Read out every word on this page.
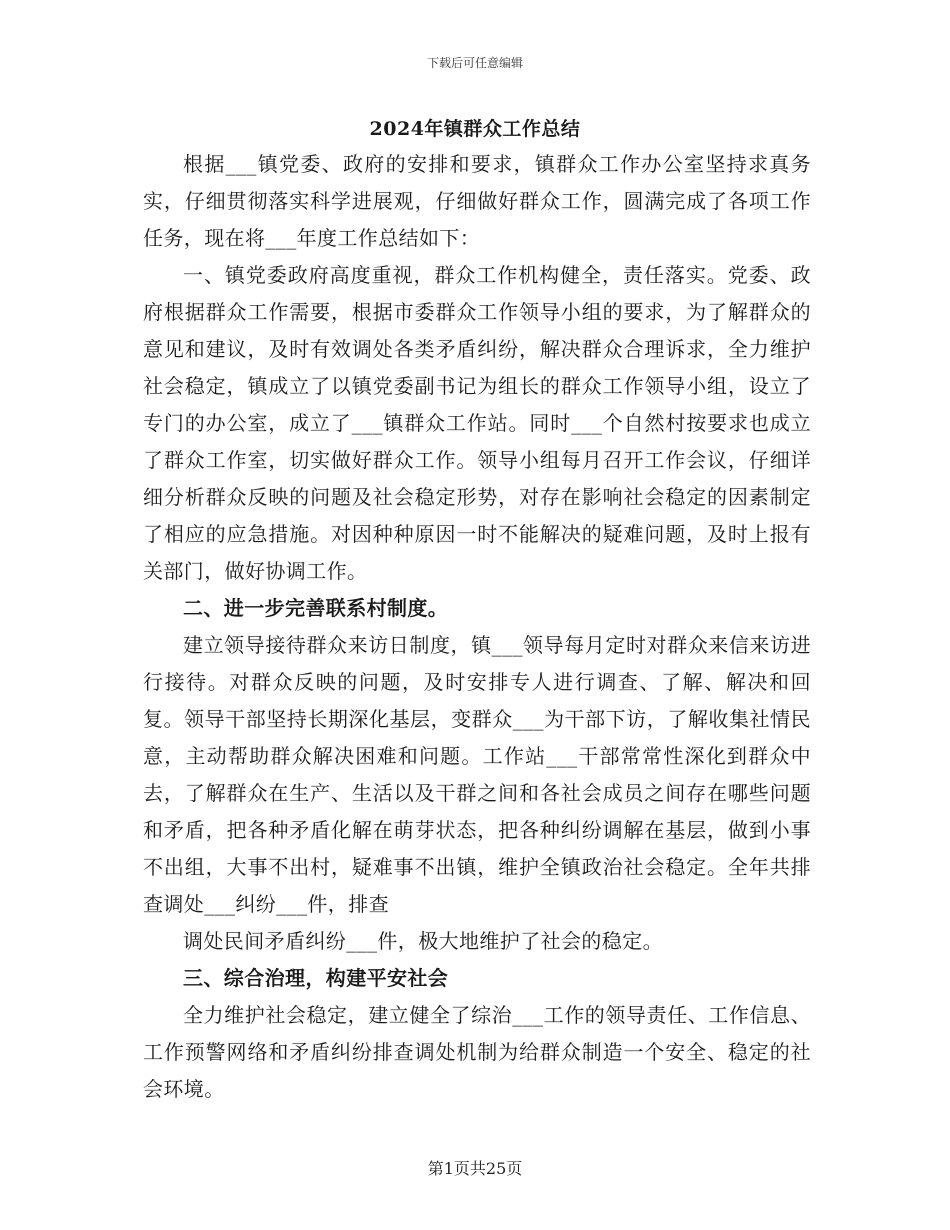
下载后可任意编辑
2024年镇群众工作总结

根据___镇党委、政府的安排和要求，镇群众工作办公室坚持求真务实，仔细贯彻落实科学进展观，仔细做好群众工作，圆满完成了各项工作任务，现在将___年度工作总结如下：

一、镇党委政府高度重视，群众工作机构健全，责任落实。党委、政府根据群众工作需要，根据市委群众工作领导小组的要求，为了解群众的意见和建议，及时有效调处各类矛盾纠纷，解决群众合理诉求，全力维护社会稳定，镇成立了以镇党委副书记为组长的群众工作领导小组，设立了专门的办公室，成立了___镇群众工作站。同时___个自然村按要求也成立了群众工作室，切实做好群众工作。领导小组每月召开工作会议，仔细详细分析群众反映的问题及社会稳定形势，对存在影响社会稳定的因素制定了相应的应急措施。对因种种原因一时不能解决的疑难问题，及时上报有关部门，做好协调工作。

二、进一步完善联系村制度。

建立领导接待群众来访日制度，镇___领导每月定时对群众来信来访进行接待。对群众反映的问题，及时安排专人进行调查、了解、解决和回复。领导干部坚持长期深化基层，变群众___为干部下访，了解收集社情民意，主动帮助群众解决困难和问题。工作站___干部常常性深化到群众中去，了解群众在生产、生活以及干群之间和各社会成员之间存在哪些问题和矛盾，把各种矛盾化解在萌芽状态，把各种纠纷调解在基层，做到小事不出组，大事不出村，疑难事不出镇，维护全镇政治社会稳定。全年共排查调处___纠纷___件，排查

调处民间矛盾纠纷___件，极大地维护了社会的稳定。

三、综合治理，构建平安社会

全力维护社会稳定，建立健全了综治___工作的领导责任、工作信息、工作预警网络和矛盾纠纷排查调处机制为给群众制造一个安全、稳定的社会环境。

第1页共25页
